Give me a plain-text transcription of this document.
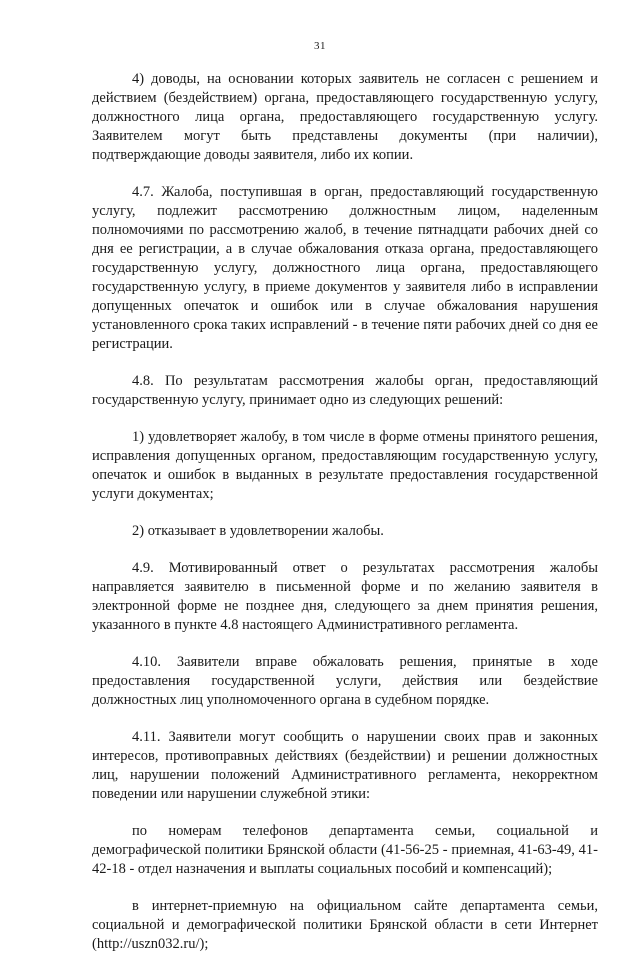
31

4) доводы, на основании которых заявитель не согласен с решением и действием (бездействием) органа, предоставляющего государственную услугу, должностного лица органа, предоставляющего государственную услугу. Заявителем могут быть представлены документы (при наличии), подтверждающие доводы заявителя, либо их копии.

4.7. Жалоба, поступившая в орган, предоставляющий государственную услугу, подлежит рассмотрению должностным лицом, наделенным полномочиями по рассмотрению жалоб, в течение пятнадцати рабочих дней со дня ее регистрации, а в случае обжалования отказа органа, предоставляющего государственную услугу, должностного лица органа, предоставляющего государственную услугу, в приеме документов у заявителя либо в исправлении допущенных опечаток и ошибок или в случае обжалования нарушения установленного срока таких исправлений - в течение пяти рабочих дней со дня ее регистрации.

4.8. По результатам рассмотрения жалобы орган, предоставляющий государственную услугу, принимает одно из следующих решений:

1) удовлетворяет жалобу, в том числе в форме отмены принятого решения, исправления допущенных органом, предоставляющим государственную услугу, опечаток и ошибок в выданных в результате предоставления государственной услуги документах;

2) отказывает в удовлетворении жалобы.

4.9. Мотивированный ответ о результатах рассмотрения жалобы направляется заявителю в письменной форме и по желанию заявителя в электронной форме не позднее дня, следующего за днем принятия решения, указанного в пункте 4.8 настоящего Административного регламента.

4.10. Заявители вправе обжаловать решения, принятые в ходе предоставления государственной услуги, действия или бездействие должностных лиц уполномоченного органа в судебном порядке.

4.11. Заявители могут сообщить о нарушении своих прав и законных интересов, противоправных действиях (бездействии) и решении должностных лиц, нарушении положений Административного регламента, некорректном поведении или нарушении служебной этики:

по номерам телефонов департамента семьи, социальной и демографической политики Брянской области (41-56-25 - приемная, 41-63-49, 41-42-18 - отдел назначения и выплаты социальных пособий и компенсаций);

в интернет-приемную на официальном сайте департамента семьи, социальной и демографической политики Брянской области в сети Интернет (http://uszn032.ru/);
